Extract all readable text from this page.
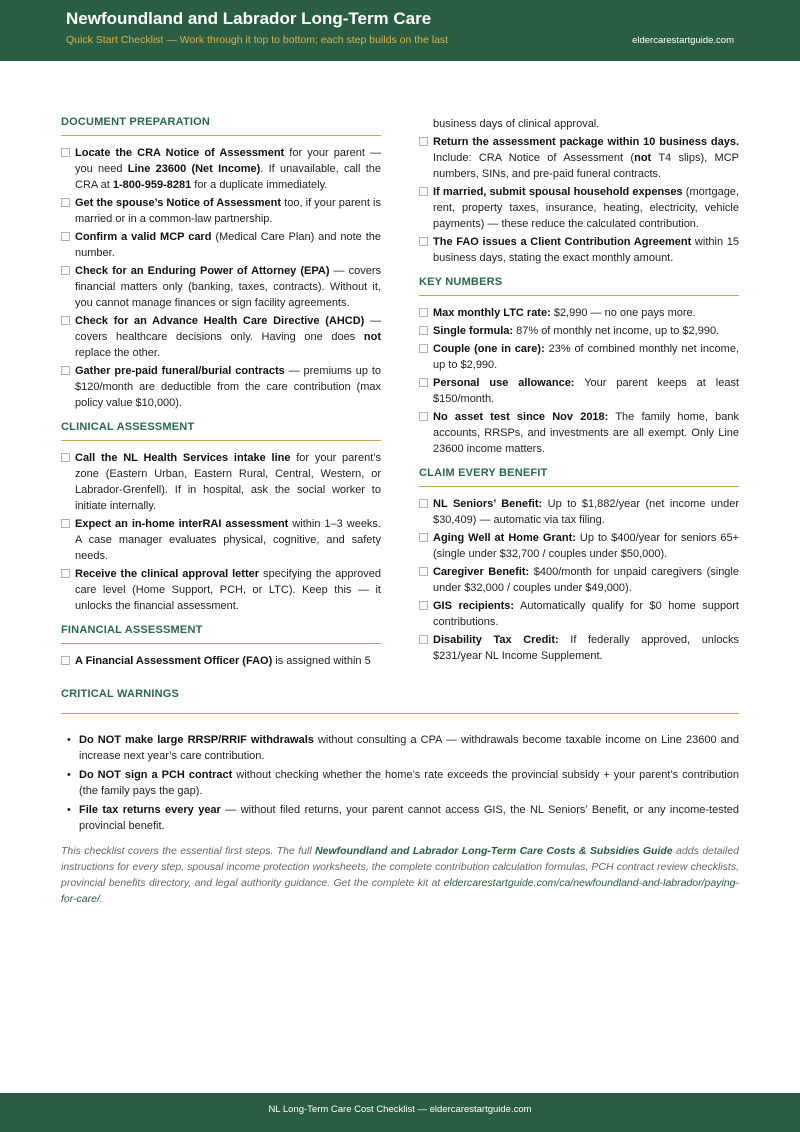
Newfoundland and Labrador Long-Term Care
Quick Start Checklist — Work through it top to bottom; each step builds on the last	eldercarestartguide.com
DOCUMENT PREPARATION
Locate the CRA Notice of Assessment for your parent — you need Line 23600 (Net Income). If unavailable, call the CRA at 1-800-959-8281 for a duplicate immediately.
Get the spouse’s Notice of Assessment too, if your parent is married or in a common-law partnership.
Confirm a valid MCP card (Medical Care Plan) and note the number.
Check for an Enduring Power of Attorney (EPA) — covers financial matters only (banking, taxes, contracts). Without it, you cannot manage finances or sign facility agreements.
Check for an Advance Health Care Directive (AHCD) — covers healthcare decisions only. Having one does not replace the other.
Gather pre-paid funeral/burial contracts — premiums up to $120/month are deductible from the care contribution (max policy value $10,000).
CLINICAL ASSESSMENT
Call the NL Health Services intake line for your parent’s zone (Eastern Urban, Eastern Rural, Central, Western, or Labrador-Grenfell). If in hospital, ask the social worker to initiate internally.
Expect an in-home interRAI assessment within 1–3 weeks. A case manager evaluates physical, cognitive, and safety needs.
Receive the clinical approval letter specifying the approved care level (Home Support, PCH, or LTC). Keep this — it unlocks the financial assessment.
FINANCIAL ASSESSMENT
A Financial Assessment Officer (FAO) is assigned within 5
business days of clinical approval.
Return the assessment package within 10 business days. Include: CRA Notice of Assessment (not T4 slips), MCP numbers, SINs, and pre-paid funeral contracts.
If married, submit spousal household expenses (mortgage, rent, property taxes, insurance, heating, electricity, vehicle payments) — these reduce the calculated contribution.
The FAO issues a Client Contribution Agreement within 15 business days, stating the exact monthly amount.
KEY NUMBERS
Max monthly LTC rate: $2,990 — no one pays more.
Single formula: 87% of monthly net income, up to $2,990.
Couple (one in care): 23% of combined monthly net income, up to $2,990.
Personal use allowance: Your parent keeps at least $150/month.
No asset test since Nov 2018: The family home, bank accounts, RRSPs, and investments are all exempt. Only Line 23600 income matters.
CLAIM EVERY BENEFIT
NL Seniors’ Benefit: Up to $1,882/year (net income under $30,409) — automatic via tax filing.
Aging Well at Home Grant: Up to $400/year for seniors 65+ (single under $32,700 / couples under $50,000).
Caregiver Benefit: $400/month for unpaid caregivers (single under $32,000 / couples under $49,000).
GIS recipients: Automatically qualify for $0 home support contributions.
Disability Tax Credit: If federally approved, unlocks $231/year NL Income Supplement.
CRITICAL WARNINGS
• Do NOT make large RRSP/RRIF withdrawals without consulting a CPA — withdrawals become taxable income on Line 23600 and increase next year’s care contribution.
• Do NOT sign a PCH contract without checking whether the home’s rate exceeds the provincial subsidy + your parent’s contribution (the family pays the gap).
• File tax returns every year — without filed returns, your parent cannot access GIS, the NL Seniors’ Benefit, or any income-tested provincial benefit.
This checklist covers the essential first steps. The full Newfoundland and Labrador Long-Term Care Costs & Subsidies Guide adds detailed instructions for every step, spousal income protection worksheets, the complete contribution calculation formulas, PCH contract review checklists, provincial benefits directory, and legal authority guidance. Get the complete kit at eldercarestartguide.com/ca/newfoundland-and-labrador/paying-for-care/.
NL Long-Term Care Cost Checklist — eldercarestartguide.com
